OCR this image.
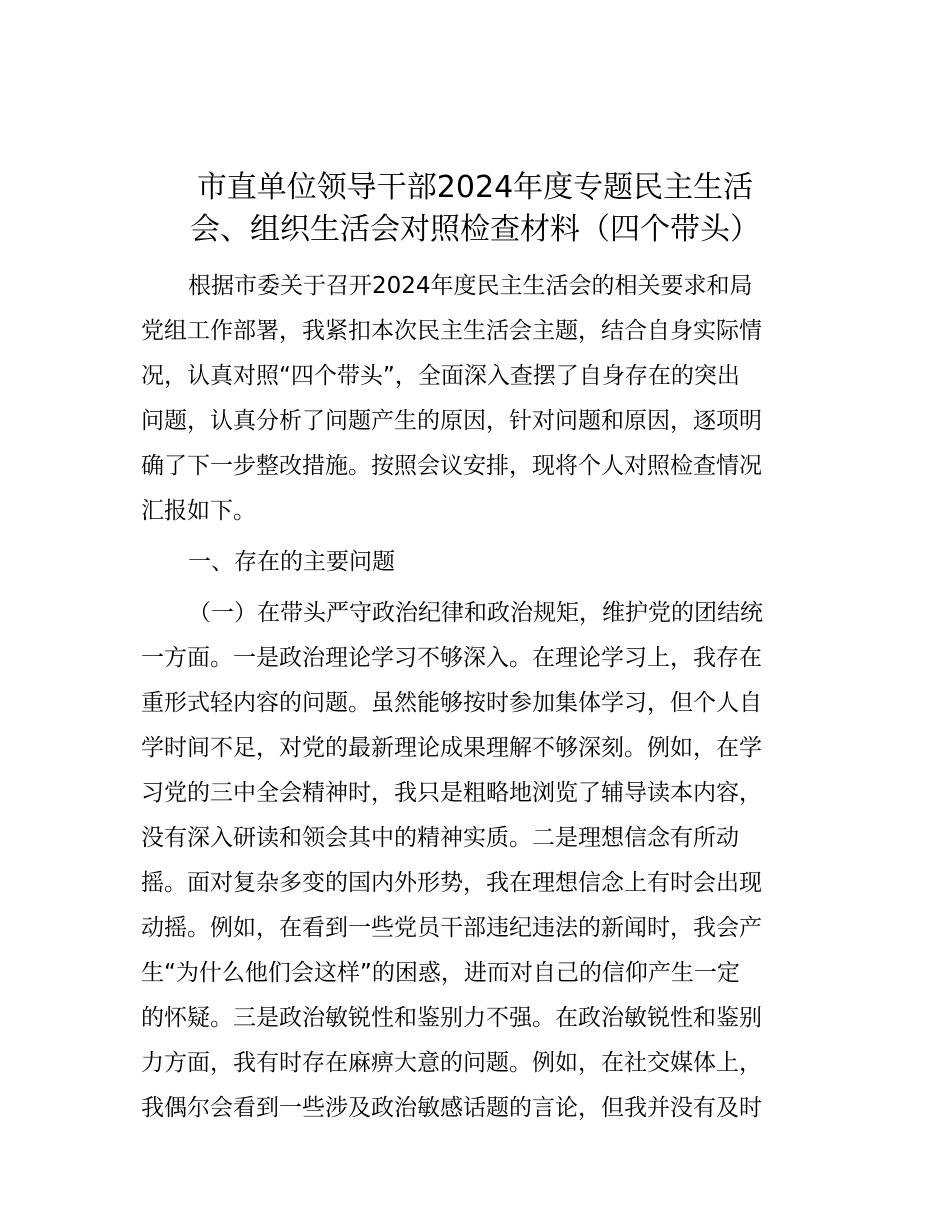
市直单位领导干部2024年度专题民主生活
会、组织生活会对照检查材料（四个带头）
根据市委关于召开2024年度民主生活会的相关要求和局
党组工作部署，我紧扣本次民主生活会主题，结合自身实际情
况，认真对照“四个带头”，全面深入查摆了自身存在的突出
问题，认真分析了问题产生的原因，针对问题和原因，逐项明
确了下一步整改措施。按照会议安排，现将个人对照检查情况
汇报如下。
一、存在的主要问题
（一）在带头严守政治纪律和政治规矩，维护党的团结统
一方面。一是政治理论学习不够深入。在理论学习上，我存在
重形式轻内容的问题。虽然能够按时参加集体学习，但个人自
学时间不足，对党的最新理论成果理解不够深刻。例如，在学
习党的三中全会精神时，我只是粗略地浏览了辅导读本内容，
没有深入研读和领会其中的精神实质。二是理想信念有所动
摇。面对复杂多变的国内外形势，我在理想信念上有时会出现
动摇。例如，在看到一些党员干部违纪违法的新闻时，我会产
生“为什么他们会这样”的困惑，进而对自己的信仰产生一定
的怀疑。三是政治敏锐性和鉴别力不强。在政治敏锐性和鉴别
力方面，我有时存在麻痹大意的问题。例如，在社交媒体上，
我偶尔会看到一些涉及政治敏感话题的言论，但我并没有及时
